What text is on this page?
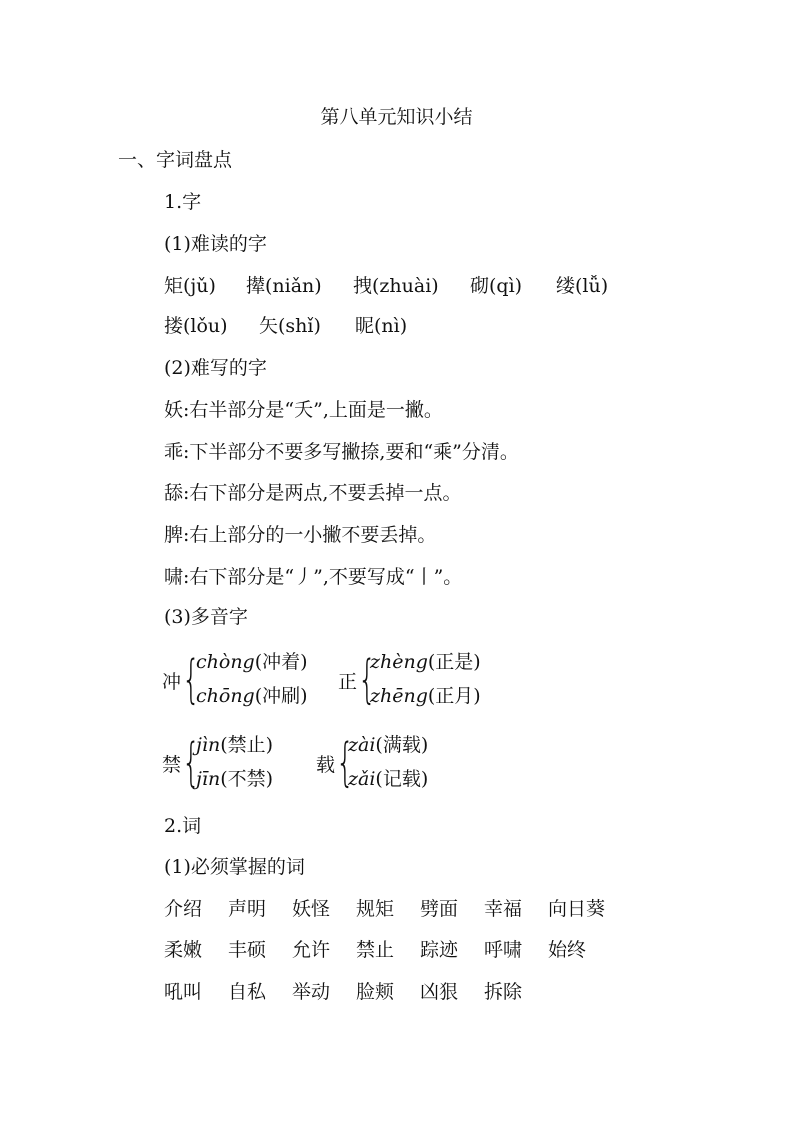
第八单元知识小结
一、字词盘点
1.字
(1)难读的字
矩(jǔ) 撵(niǎn) 拽(zhuài) 砌(qì) 缕(lǚ)
搂(lǒu) 矢(shǐ) 昵(nì)
(2)难写的字
妖:右半部分是“夭”,上面是一撇。
乖:下半部分不要多写撇捺,要和“乘”分清。
舔:右下部分是两点,不要丢掉一点。
脾:右上部分的一小撇不要丢掉。
啸:右下部分是“丿”,不要写成“丨”。
(3)多音字
冲 {
chòng(冲着)
chōng(冲刷)
正 {
zhèng(正是)
zhēng(正月)
禁 {
jìn(禁止)
jīn(不禁)
载 {
zài(满载)
zǎi(记载)
2.词
(1)必须掌握的词
介绍 声明 妖怪 规矩 劈面 幸福 向日葵
柔嫩 丰硕 允许 禁止 踪迹 呼啸 始终
吼叫 自私 举动 脸颊 凶狠 拆除
